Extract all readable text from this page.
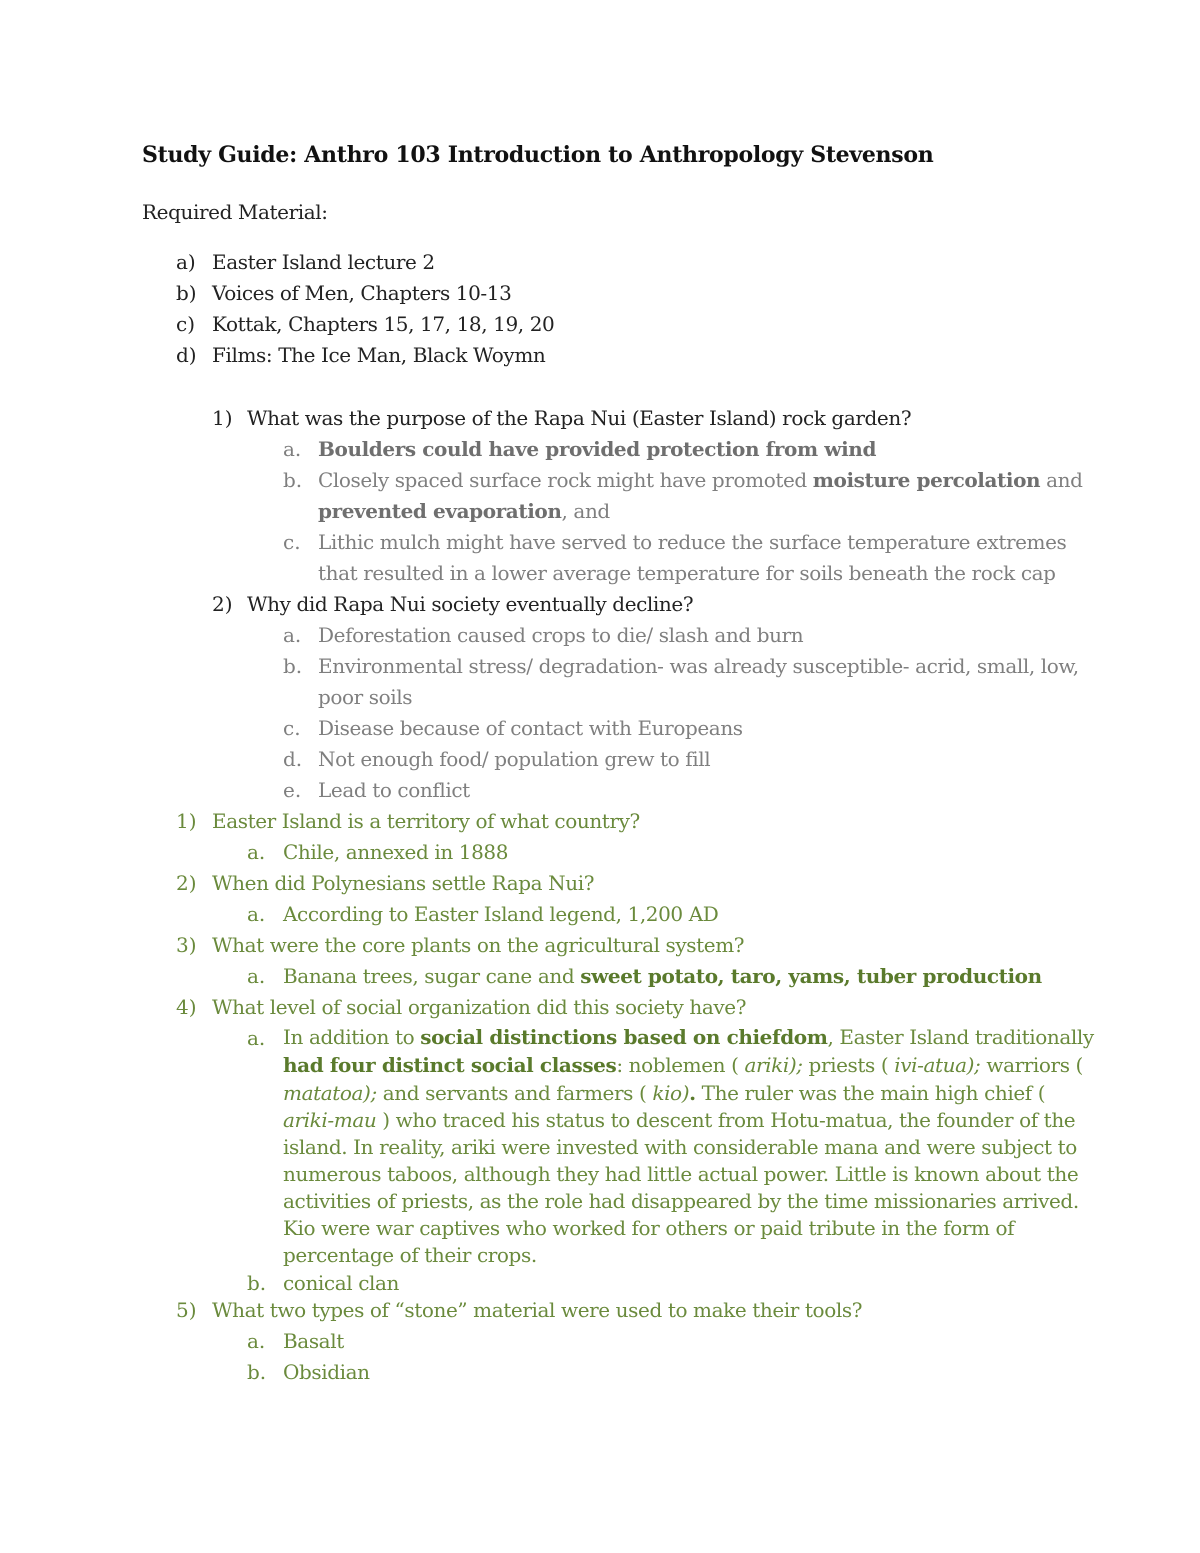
Study Guide: Anthro 103 Introduction to Anthropology Stevenson
Required Material:
a) Easter Island lecture 2
b) Voices of Men, Chapters 10-13
c) Kottak, Chapters 15, 17, 18, 19, 20
d) Films: The Ice Man, Black Woymn
1) What was the purpose of the Rapa Nui (Easter Island) rock garden?
a. Boulders could have provided protection from wind
b. Closely spaced surface rock might have promoted moisture percolation and
prevented evaporation, and
c. Lithic mulch might have served to reduce the surface temperature extremes
that resulted in a lower average temperature for soils beneath the rock cap
2) Why did Rapa Nui society eventually decline?
a. Deforestation caused crops to die/ slash and burn
b. Environmental stress/ degradation- was already susceptible- acrid, small, low,
poor soils
c. Disease because of contact with Europeans
d. Not enough food/ population grew to fill
e. Lead to conflict
1) Easter Island is a territory of what country?
a. Chile, annexed in 1888
2) When did Polynesians settle Rapa Nui?
a. According to Easter Island legend, 1,200 AD
3) What were the core plants on the agricultural system?
a. Banana trees, sugar cane and sweet potato, taro, yams, tuber production
4) What level of social organization did this society have?
a. In addition to social distinctions based on chiefdom, Easter Island traditionally
had four distinct social classes: noblemen ( ariki); priests ( ivi-atua); warriors (
matatoa); and servants and farmers ( kio). The ruler was the main high chief (
ariki-mau ) who traced his status to descent from Hotu-matua, the founder of the
island. In reality, ariki were invested with considerable mana and were subject to
numerous taboos, although they had little actual power. Little is known about the
activities of priests, as the role had disappeared by the time missionaries arrived.
Kio were war captives who worked for others or paid tribute in the form of
percentage of their crops.
b. conical clan
5) What two types of “stone” material were used to make their tools?
a. Basalt
b. Obsidian
